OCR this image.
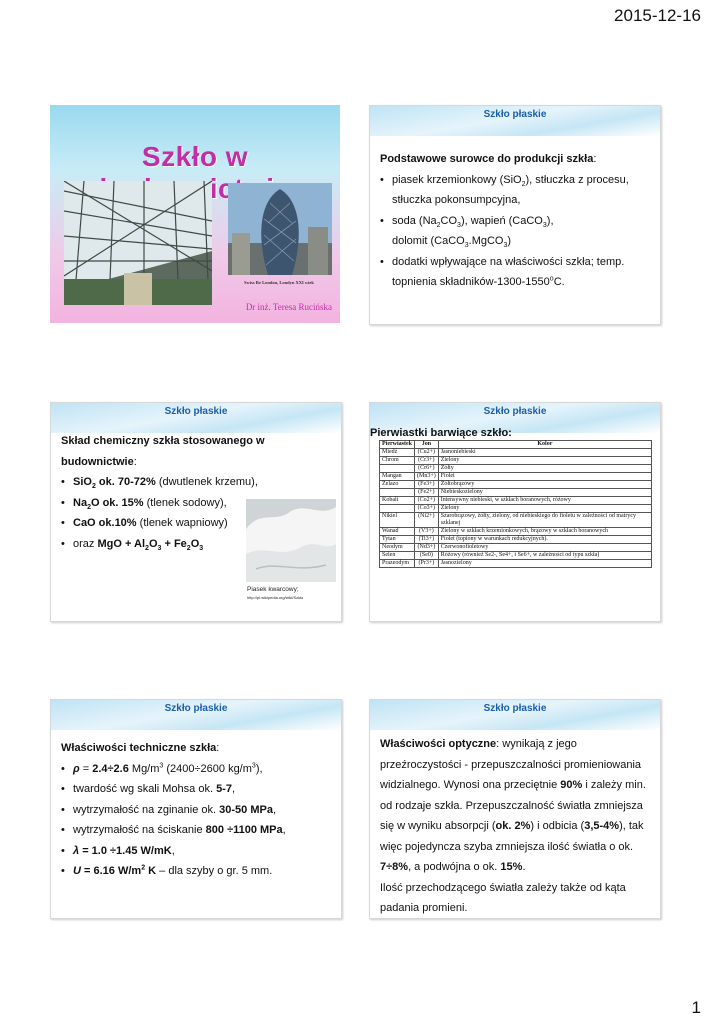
2015-12-16
Szkło w
Swiss Re London, Londyn XXI wiek
Dr inż. Teresa Rucińska
Szkło płaskie
Podstawowe surowce do produkcji szkła:
• piasek krzemionkowy (SiO$_2$), stłuczka z procesu,
stłuczka pokonsumpcyjna,
• soda $(Na_2CO_3)$, wapień (CaCO$_3$),
dolomit (CaCO$_3$.MgCO$_3$)
• dodatki wpływające na właściwości szkła; temp.
topnienia składników-1300-1550$^o$C.
Szkło płaskie
Skład chemiczny szkła stosowanego w
budownictwie:
• SiO$_2$ ok. 70-72% (dwutlenek krzemu),
• $Na_2O$ ok. 15% (tlenek sodowy),
• CaO ok.10% (tlenek wapniowy)
• oraz MgO + $Al_2O_3 + Fe_2O_3$
Piasek kwarcowy;
http://pl.wikipedia.org/wiki/Szkło
Szkło płaskie
Pierwiastki barwiące szkło:
Pierwiastek	Jon	Kolor
Miedź	(Cu2+)	Jasnoniebieski
Chrom	(Cr3+)	Zielony
	(Cr6+)	Żółty
Mangan	(Mn3+)	Fiolet
Żelazo	(Fe3+)	Żółtobrązowy
	(Fe2+)	Niebieskozielony
Kobalt	(Co2+)	Intensywny niebieski, w szkłach boranowych, różowy
	(Co3+)	Zielony
Nikiel	(Ni2+)	Szarobrązowy, żółty, zielony, od niebieskiego do fioletu w zależności od matrycy szklanej
Wanad	(V3+)	Zielony w szkłach krzemionkowych, brązowy w szkłach boranowych
Tytan	(Ti3+)	Fiolet (topiony w warunkach redukcyjnych).
Neodym	(Nd3+)	Czerwonofioletowy
Selen	(Se0)	Różowy (również Se2-, Se4+, i Se6+, w zależności od typu szkła)
Prazeodym	(Pr3+)	Jasnozielony
Szkło płaskie
Właściwości techniczne szkła:
• ρ = 2.4÷2.6 $Mg/m^3$ (2400÷2600 $kg/m^3$),
• twardość wg skali Mohsa ok. 5-7,
• wytrzymałość na zginanie ok. 30-50 MPa,
• wytrzymałość na ściskanie 800 ÷1100 MPa,
• λ = 1.0 ÷1.45 W/mK,
• U = 6.16 $W/m^2$ K – dla szyby o gr. 5 mm.
Szkło płaskie
Właściwości optyczne: wynikają z jego przeźroczystości - przepuszczalności promieniowania widzialnego. Wynosi ona przeciętnie 90% i zależy min. od rodzaje szkła. Przepuszczalność światła zmniejsza się w wyniku absorpcji (ok. 2%) i odbicia (3,5-4%), tak więc pojedyncza szyba zmniejsza ilość światła o ok. 7÷8%, a podwójna o ok. 15%.
Ilość przechodzącego światła zależy także od kąta padania promieni.
1
